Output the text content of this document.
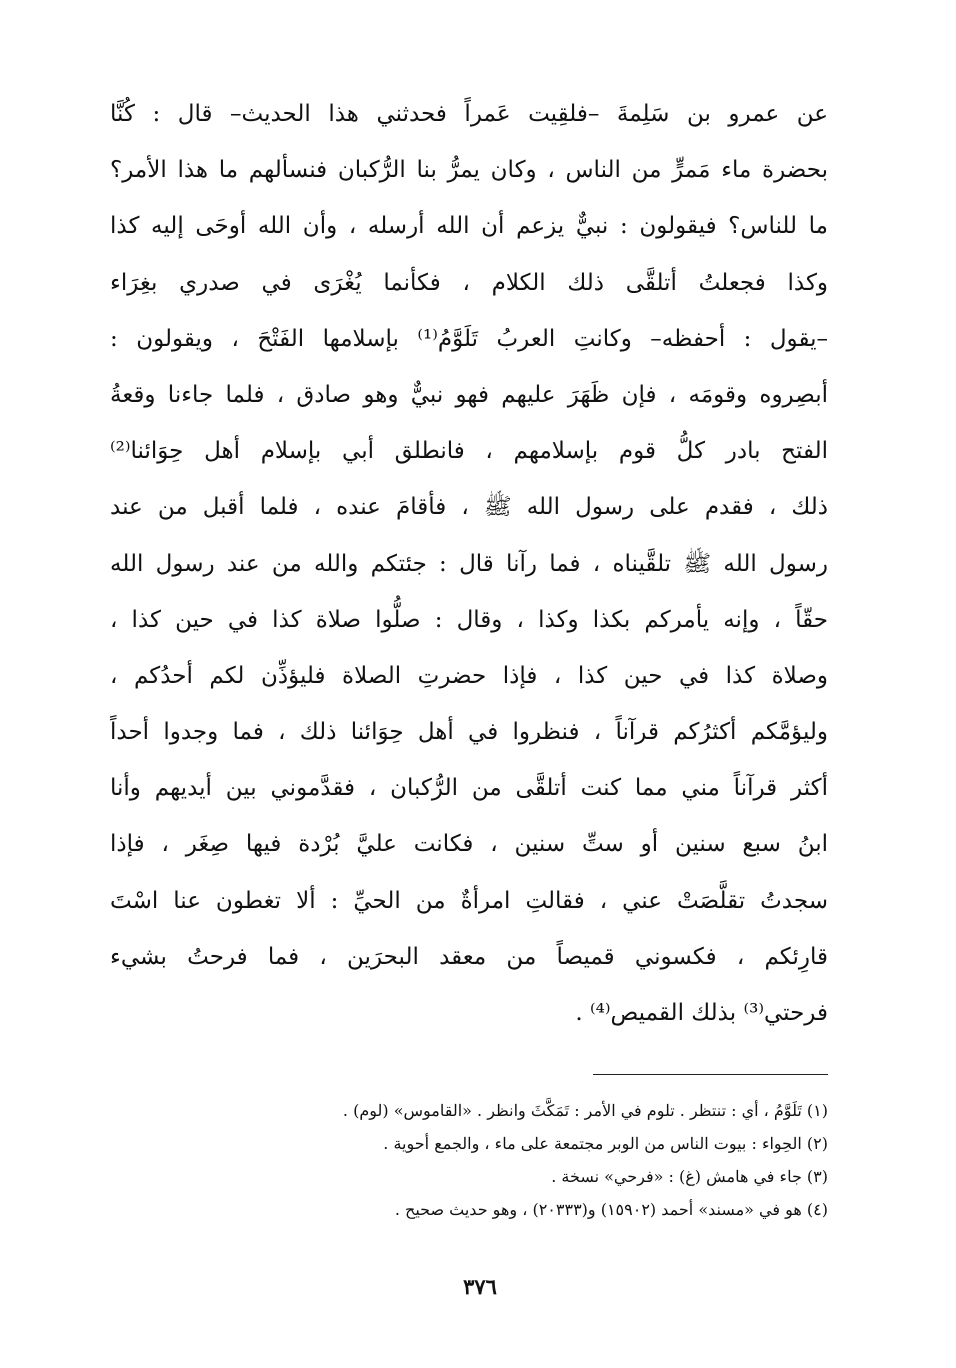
عن عمرو بن سَلِمةَ –فلقِيت عَمراً فحدثني هذا الحديث– قال : كُنَّا
بحضرة ماء مَمرٍّ من الناس ، وكان يمرُّ بنا الرُّكبان فنسألهم ما هذا الأمر؟
ما للناس؟ فيقولون : نبيٌّ يزعم أن الله أرسله ، وأن الله أوحَى إليه كذا
وكذا فجعلتُ أتلقَّى ذلك الكلام ، فكأنما يُغْرَى في صدري بغِرَاء
–يقول : أحفظه– وكانتِ العربُ تَلَوَّمُ⁽¹⁾ بإسلامها الفَتْحَ ، ويقولون :
أبصِروه وقومَه ، فإن ظَهَرَ عليهم فهو نبيٌّ وهو صادق ، فلما جاءنا وقعةُ
الفتح بادر كلُّ قوم بإسلامهم ، فانطلق أبي بإسلام أهل حِوَائنا⁽²⁾
ذلك ، فقدم على رسول الله ﷺ ، فأقامَ عنده ، فلما أقبل من عند
رسول الله ﷺ تلقَّيناه ، فما رآنا قال : جئتكم والله من عند رسول الله
حقّاً ، وإنه يأمركم بكذا وكذا ، وقال : صلُّوا صلاة كذا في حين كذا ،
وصلاة كذا في حين كذا ، فإذا حضرتِ الصلاة فليؤذِّن لكم أحدُكم ،
وليؤمَّكم أكثرُكم قرآناً ، فنظروا في أهل حِوَائنا ذلك ، فما وجدوا أحداً
أكثر قرآناً مني مما كنت أتلقَّى من الرُّكبان ، فقدَّموني بين أيديهم وأنا
ابنُ سبع سنين أو ستِّ سنين ، فكانت عليَّ بُرْدة فيها صِغَر ، فإذا
سجدتُ تقلَّصَتْ عني ، فقالتِ امرأةٌ من الحيِّ : ألا تغطون عنا اسْتَ
قارِئكم ، فكسوني قميصاً من معقد البحرَين ، فما فرحتُ بشيء
فرحتي⁽³⁾ بذلك القميص⁽⁴⁾ .
(١) تَلَوَّمُ ، أي : تنتظر . تلوم في الأمر : تَمَكَّثَ وانظر . «القاموس» (لوم) .
(٢) الحِواء : بيوت الناس من الوبر مجتمعة على ماء ، والجمع أحوية .
(٣) جاء في هامش (غ) : «فرحي» نسخة .
(٤) هو في «مسند» أحمد (١٥٩٠٢) و(٢٠٣٣٣) ، وهو حديث صحيح .
٣٧٦
